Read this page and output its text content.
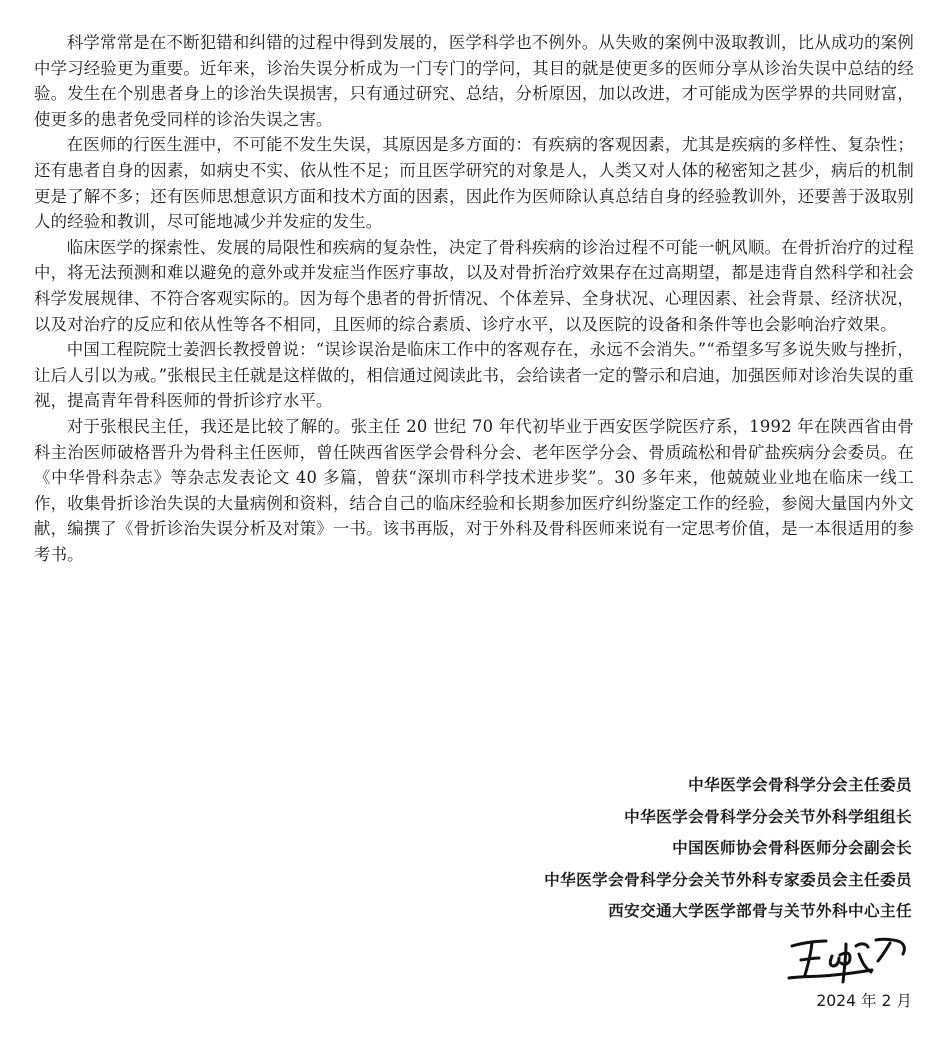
科学常常是在不断犯错和纠错的过程中得到发展的，医学科学也不例外。从失败的案例中汲取教训，比从成功的案例中学习经验更为重要。近年来，诊治失误分析成为一门专门的学问，其目的就是使更多的医师分享从诊治失误中总结的经验。发生在个别患者身上的诊治失误损害，只有通过研究、总结，分析原因，加以改进，才可能成为医学界的共同财富，使更多的患者免受同样的诊治失误之害。

在医师的行医生涯中，不可能不发生失误，其原因是多方面的：有疾病的客观因素，尤其是疾病的多样性、复杂性；还有患者自身的因素，如病史不实、依从性不足；而且医学研究的对象是人，人类又对人体的秘密知之甚少，病后的机制更是了解不多；还有医师思想意识方面和技术方面的因素，因此作为医师除认真总结自身的经验教训外，还要善于汲取别人的经验和教训，尽可能地减少并发症的发生。

临床医学的探索性、发展的局限性和疾病的复杂性，决定了骨科疾病的诊治过程不可能一帆风顺。在骨折治疗的过程中，将无法预测和难以避免的意外或并发症当作医疗事故，以及对骨折治疗效果存在过高期望，都是违背自然科学和社会科学发展规律、不符合客观实际的。因为每个患者的骨折情况、个体差异、全身状况、心理因素、社会背景、经济状况，以及对治疗的反应和依从性等各不相同，且医师的综合素质、诊疗水平，以及医院的设备和条件等也会影响治疗效果。

中国工程院院士姜泗长教授曾说：“误诊误治是临床工作中的客观存在，永远不会消失。”“希望多写多说失败与挫折，让后人引以为戒。”张根民主任就是这样做的，相信通过阅读此书，会给读者一定的警示和启迪，加强医师对诊治失误的重视，提高青年骨科医师的骨折诊疗水平。

对于张根民主任，我还是比较了解的。张主任 20 世纪 70 年代初毕业于西安医学院医疗系，1992 年在陕西省由骨科主治医师破格晋升为骨科主任医师，曾任陕西省医学会骨科分会、老年医学分会、骨质疏松和骨矿盐疾病分会委员。在《中华骨科杂志》等杂志发表论文 40 多篇，曾获“深圳市科学技术进步奖”。30 多年来，他兢兢业业地在临床一线工作，收集骨折诊治失误的大量病例和资料，结合自己的临床经验和长期参加医疗纠纷鉴定工作的经验，参阅大量国内外文献，编撰了《骨折诊治失误分析及对策》一书。该书再版，对于外科及骨科医师来说有一定思考价值，是一本很适用的参考书。

中华医学会骨科学分会主任委员
中华医学会骨科学分会关节外科学组组长
中国医师协会骨科医师分会副会长
中华医学会骨科学分会关节外科专家委员会主任委员
西安交通大学医学部骨与关节外科中心主任
2024 年 2 月
